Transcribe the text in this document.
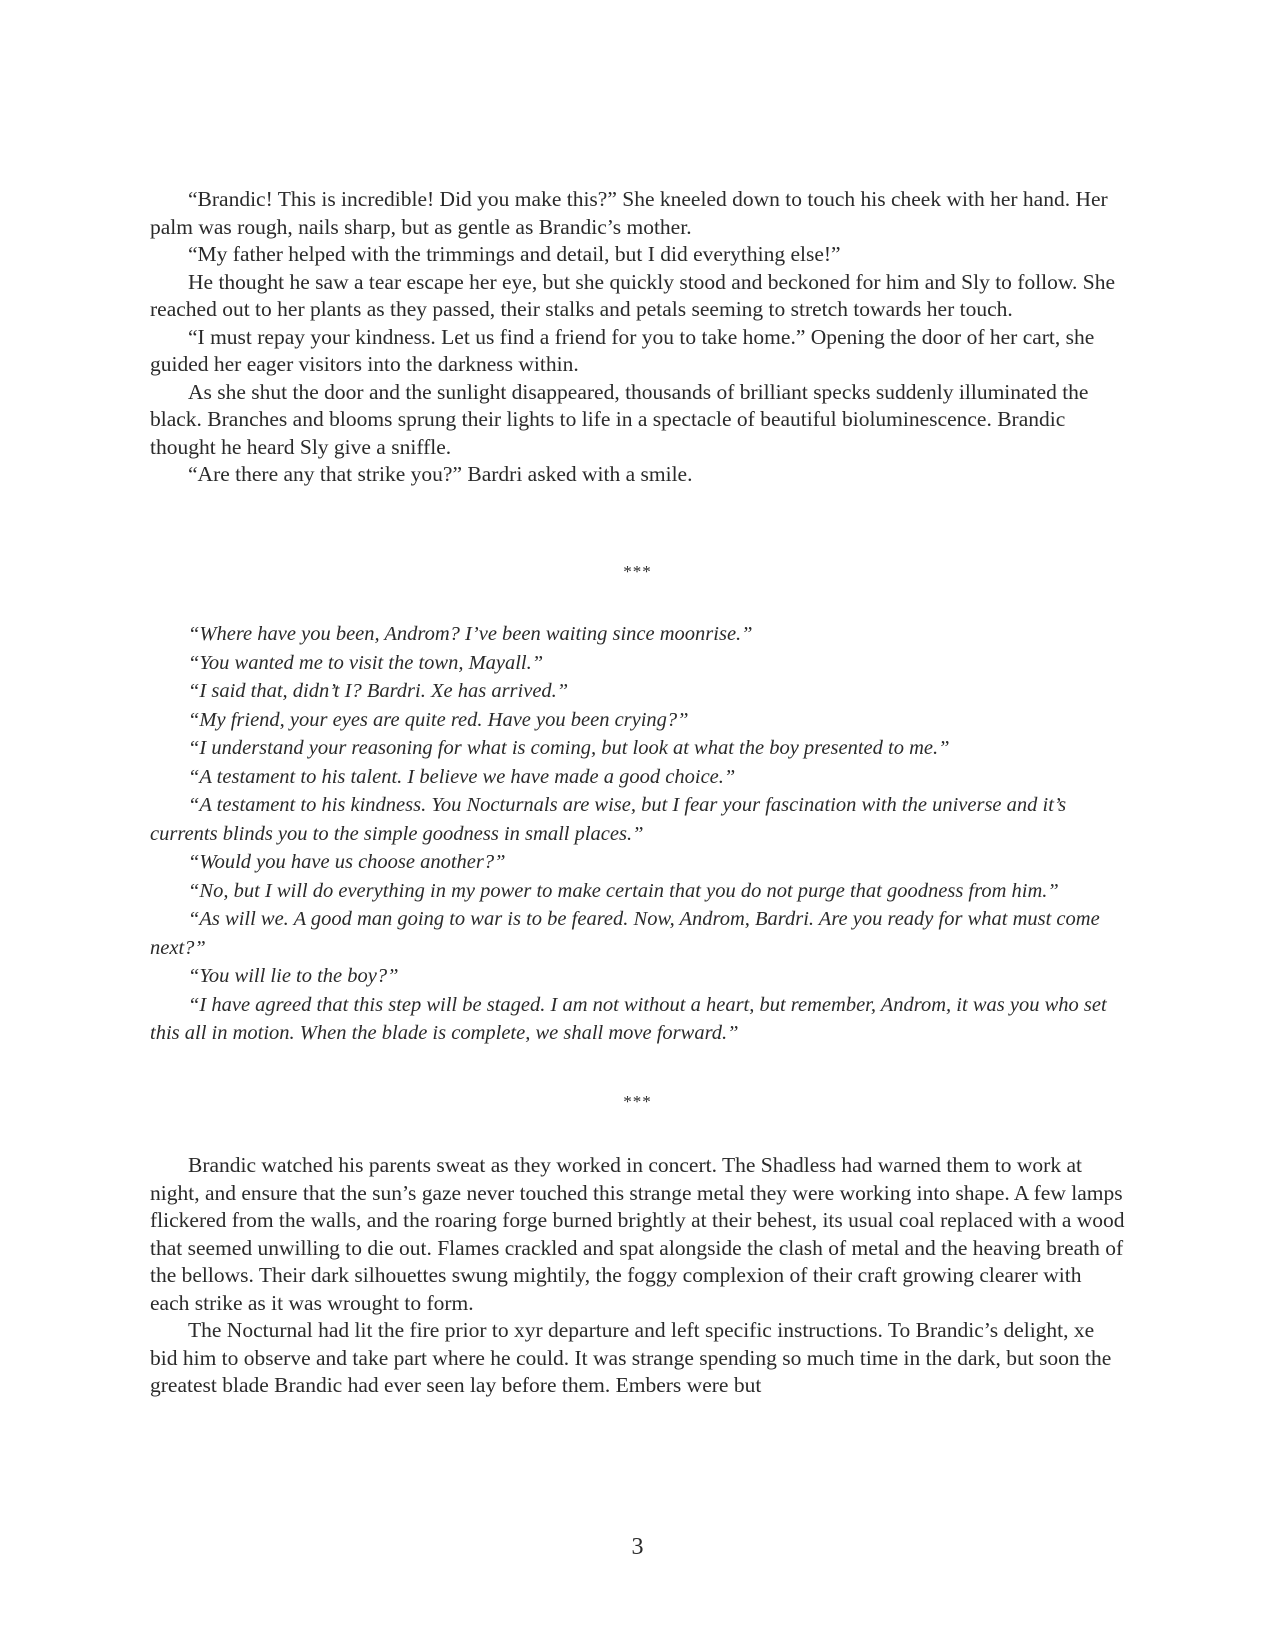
“Brandic! This is incredible! Did you make this?” She kneeled down to touch his cheek with her hand. Her palm was rough, nails sharp, but as gentle as Brandic’s mother.

“My father helped with the trimmings and detail, but I did everything else!”

He thought he saw a tear escape her eye, but she quickly stood and beckoned for him and Sly to follow. She reached out to her plants as they passed, their stalks and petals seeming to stretch towards her touch.

“I must repay your kindness. Let us find a friend for you to take home.” Opening the door of her cart, she guided her eager visitors into the darkness within.

As she shut the door and the sunlight disappeared, thousands of brilliant specks suddenly illuminated the black. Branches and blooms sprung their lights to life in a spectacle of beautiful bioluminescence. Brandic thought he heard Sly give a sniffle.

“Are there any that strike you?” Bardri asked with a smile.

***

“Where have you been, Androm? I’ve been waiting since moonrise.”

“You wanted me to visit the town, Mayall.”

“I said that, didn’t I? Bardri. Xe has arrived.”

“My friend, your eyes are quite red. Have you been crying?”

“I understand your reasoning for what is coming, but look at what the boy presented to me.”

“A testament to his talent. I believe we have made a good choice.”

“A testament to his kindness. You Nocturnals are wise, but I fear your fascination with the universe and it’s currents blinds you to the simple goodness in small places.”

“Would you have us choose another?”

“No, but I will do everything in my power to make certain that you do not purge that goodness from him.”

“As will we. A good man going to war is to be feared. Now, Androm, Bardri. Are you ready for what must come next?”

“You will lie to the boy?”

“I have agreed that this step will be staged. I am not without a heart, but remember, Androm, it was you who set this all in motion. When the blade is complete, we shall move forward.”

***

Brandic watched his parents sweat as they worked in concert. The Shadless had warned them to work at night, and ensure that the sun’s gaze never touched this strange metal they were working into shape. A few lamps flickered from the walls, and the roaring forge burned brightly at their behest, its usual coal replaced with a wood that seemed unwilling to die out. Flames crackled and spat alongside the clash of metal and the heaving breath of the bellows. Their dark silhouettes swung mightily, the foggy complexion of their craft growing clearer with each strike as it was wrought to form.

The Nocturnal had lit the fire prior to xyr departure and left specific instructions. To Brandic’s delight, xe bid him to observe and take part where he could. It was strange spending so much time in the dark, but soon the greatest blade Brandic had ever seen lay before them. Embers were but

3
